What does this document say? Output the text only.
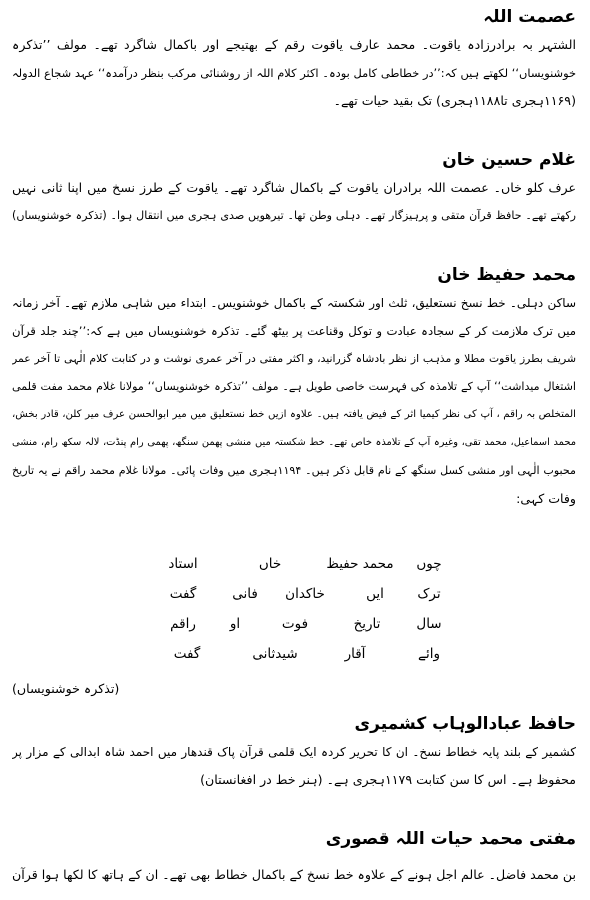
عصمت اللہ
الشتہر بہ برادرزادہ یاقوت۔ محمد عارف یاقوت رقم کے بھتیجے اور باکمال شاگرد تھے۔ مولف ’’تذکرہ
خوشنویساں‘‘ لکھتے ہیں کہ:’’در خطاطی کامل بودہ۔ اکثر کلام اللہ از روشنائی مرکب بنظر درآمدہ‘‘ عہد شجاع الدولہ
(۱۱۶۹ہجری تا۱۱۸۸ہجری) تک بقید حیات تھے۔
غلام حسین خان
عرف کلو خاں۔ عصمت اللہ برادران یاقوت کے باکمال شاگرد تھے۔ یاقوت کے طرز نسخ میں اپنا ثانی نہیں
رکھتے تھے۔ حافظ قرآن متقی و پرہیزگار تھے۔ دہلی وطن تھا۔ تیرھویں صدی ہجری میں انتقال ہوا۔ (تذکرہ خوشنویساں)
محمد حفیظ خان
ساکن دہلی۔ خط نسخ نستعلیق، ثلث اور شکستہ کے باکمال خوشنویس۔ ابتداء میں شاہی ملازم تھے۔ آخر زمانہ
میں ترک ملازمت کر کے سجادہ عبادت و توکل وقناعت پر بیٹھ گئے۔ تذکرہ خوشنویساں میں ہے کہ:’’چند جلد قرآن
شریف بطرز یاقوت مطلا و مذہب از نظر بادشاہ گزرانید، و اکثر مفتی در آخر عمری نوشت و در کتابت کلام الٰہی تا آخر عمر
اشتغال میداشت‘‘ آپ کے تلامذہ کی فہرست خاصی طویل ہے۔ مولف ’’تذکرہ خوشنویساں‘‘ مولانا غلام محمد مفت قلمی
المتخلص بہ راقم ، آپ کی نظر کیمیا اثر کے فیض یافتہ ہیں۔ علاوہ ازیں خط نستعلیق میں میر ابوالحسن عرف میر کلن، قادر بخش،
محمد اسماعیل، محمد تقی، وغیرہ آپ کے تلامذہ خاص تھے۔ خط شکستہ میں منشی پھمن سنگھ، پھمی رام پنڈت، لالہ سکھ رام، منشی
محبوب الٰہی اور منشی کسل سنگھ کے نام قابل ذکر ہیں۔ ۱۱۹۴ہجری میں وفات پائی۔ مولانا غلام محمد راقم نے یہ تاریخ
وفات کہی:
چوں
محمد حفیظ
خاں
استاد
ترک
ایں
خاکدان
فانی
گفت
سال
تاریخ
فوت
او
راقم
وائے
آقار
شیدثانی
گفت
(تذکرہ خوشنویساں)
حافظ عبادالوہاب کشمیری
کشمیر کے بلند پایہ خطاط نسخ۔ ان کا تحریر کردہ ایک قلمی قرآن پاک قندھار میں احمد شاہ ابدالی کے مزار پر
محفوظ ہے۔ اس کا سن کتابت ۱۱۷۹ہجری ہے۔ (ہنر خط در افغانستان)
مفتی محمد حیات اللہ قصوری
بن محمد فاضل۔ عالم اجل ہونے کے علاوہ خط نسخ کے باکمال خطاط بھی تھے۔ ان کے ہاتھ کا لکھا ہوا قرآن
